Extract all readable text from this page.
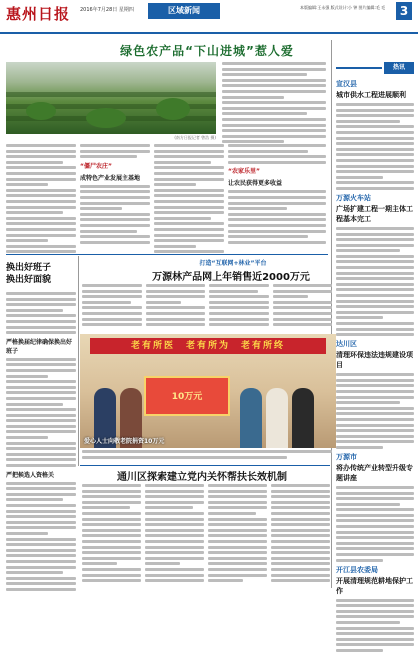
惠州日报 2016年7月28日 星期四	区域新闻	本版编辑:王永强 版式设计:小 钟 图片编辑:毛 毛	3
绿色农产品“下山进城”惹人爱
(南方日报记者 曾浩 摄)
“僵尸农庄”
成特色产业发展主基地
“农家乐里”
让农民获得更多收益
换出好班子
换出好面貌
严格换届纪律确保换出好班子
严把候选人资格关
打造“互联网+林业”平台
万源林产品网上年销售近2000万元
老有所医　老有所为　老有所终
10万元
爱心人士向敬老院捐资10万元
通川区探索建立党内关怀帮扶长效机制
热讯
宣汉县
城市供水工程进展顺利
万源火车站
广场扩建工程一期主体工程基本完工
达川区
清理环保违法违规建设项目
万源市
将办传统产业转型升级专题讲座
开江县农委局
开展清理规范耕地保护工作
